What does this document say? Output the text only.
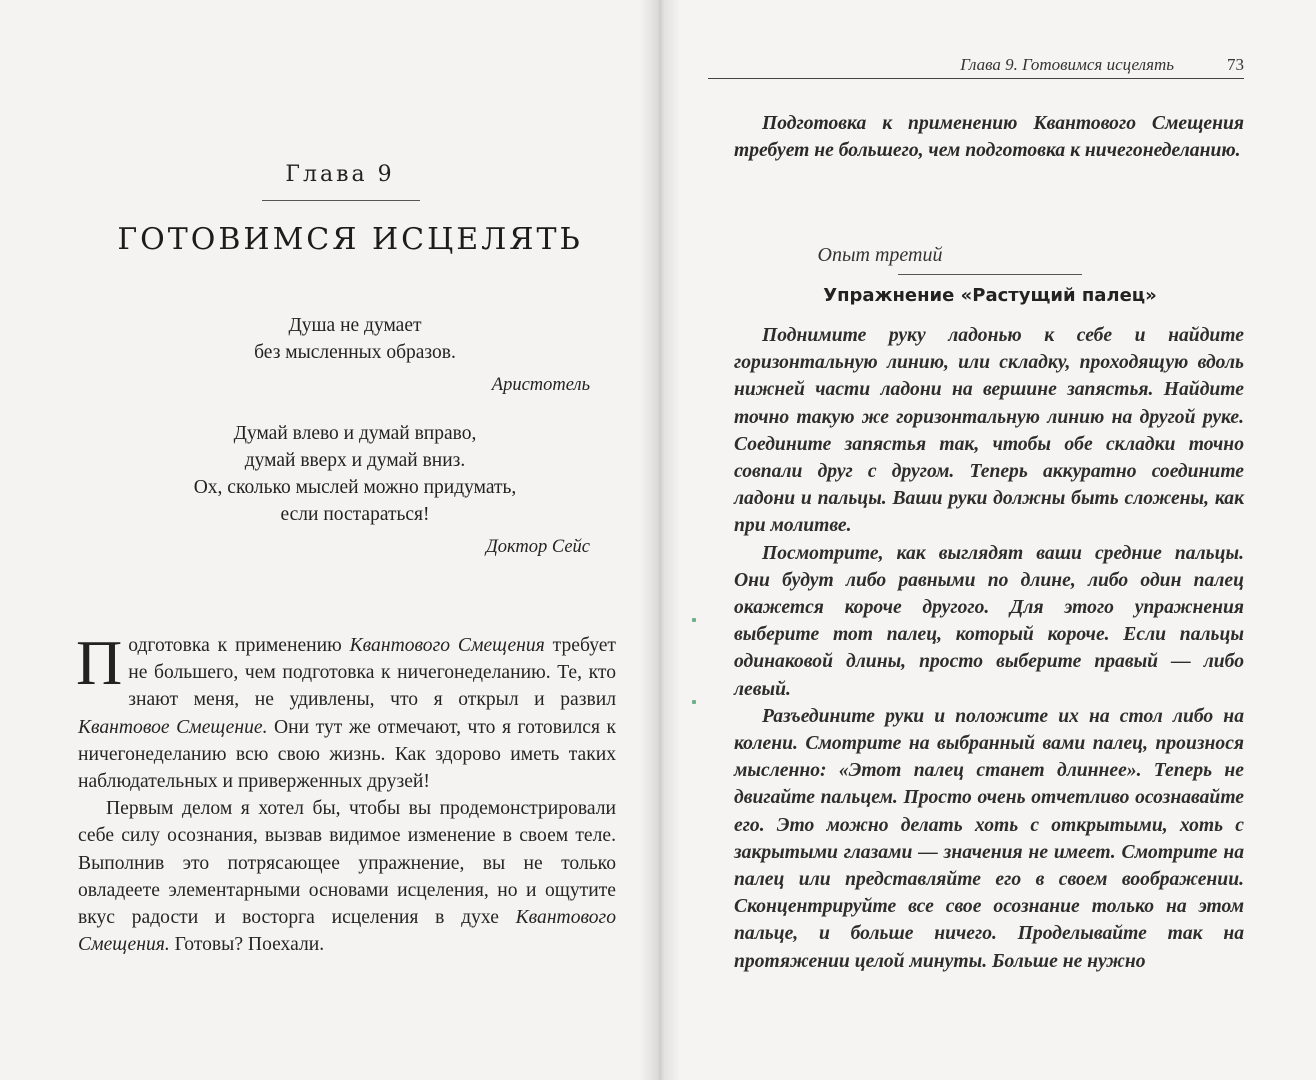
Глава 9
ГОТОВИМСЯ ИСЦЕЛЯТЬ

Душа не думает

без мысленных образов.

Аристотель

Думай влево и думай вправо,

думай вверх и думай вниз.

Ох, сколько мыслей можно придумать,

если постараться!

Доктор Сейс

Подготовка к применению Квантового Смещения требует не большего, чем подготовка к ничегонеделанию. Те, кто знают меня, не удивлены, что я открыл и развил Квантовое Смещение. Они тут же отмечают, что я готовился к ничегонеделанию всю свою жизнь. Как здорово иметь таких наблюдательных и приверженных друзей!

Первым делом я хотел бы, чтобы вы продемонстрировали себе силу осознания, вызвав видимое изменение в своем теле. Выполнив это потрясающее упражнение, вы не только овладеете элементарными основами исцеления, но и ощутите вкус радости и восторга исцеления в духе Квантового Смещения. Готовы? Поехали.

Глава 9. Готовимся исцелять	73
Подготовка к применению Квантового Смещения требует не большего, чем подготовка к ничегонеделанию.
Опыт третий
Упражнение «Растущий палец»

Поднимите руку ладонью к себе и найдите горизонтальную линию, или складку, проходящую вдоль нижней части ладони на вершине запястья. Найдите точно такую же горизонтальную линию на другой руке. Соедините запястья так, чтобы обе складки точно совпали друг с другом. Теперь аккуратно соедините ладони и пальцы. Ваши руки должны быть сложены, как при молитве.

Посмотрите, как выглядят ваши средние пальцы. Они будут либо равными по длине, либо один палец окажется короче другого. Для этого упражнения выберите тот палец, который короче. Если пальцы одинаковой длины, просто выберите правый — либо левый.

Разъедините руки и положите их на стол либо на колени. Смотрите на выбранный вами палец, произнося мысленно: «Этот палец станет длиннее». Теперь не двигайте пальцем. Просто очень отчетливо осознавайте его. Это можно делать хоть с открытыми, хоть с закрытыми глазами — значения не имеет. Смотрите на палец или представляйте его в своем воображении. Сконцентрируйте все свое осознание только на этом пальце, и больше ничего. Проделывайте так на протяжении целой минуты. Больше не нужно
